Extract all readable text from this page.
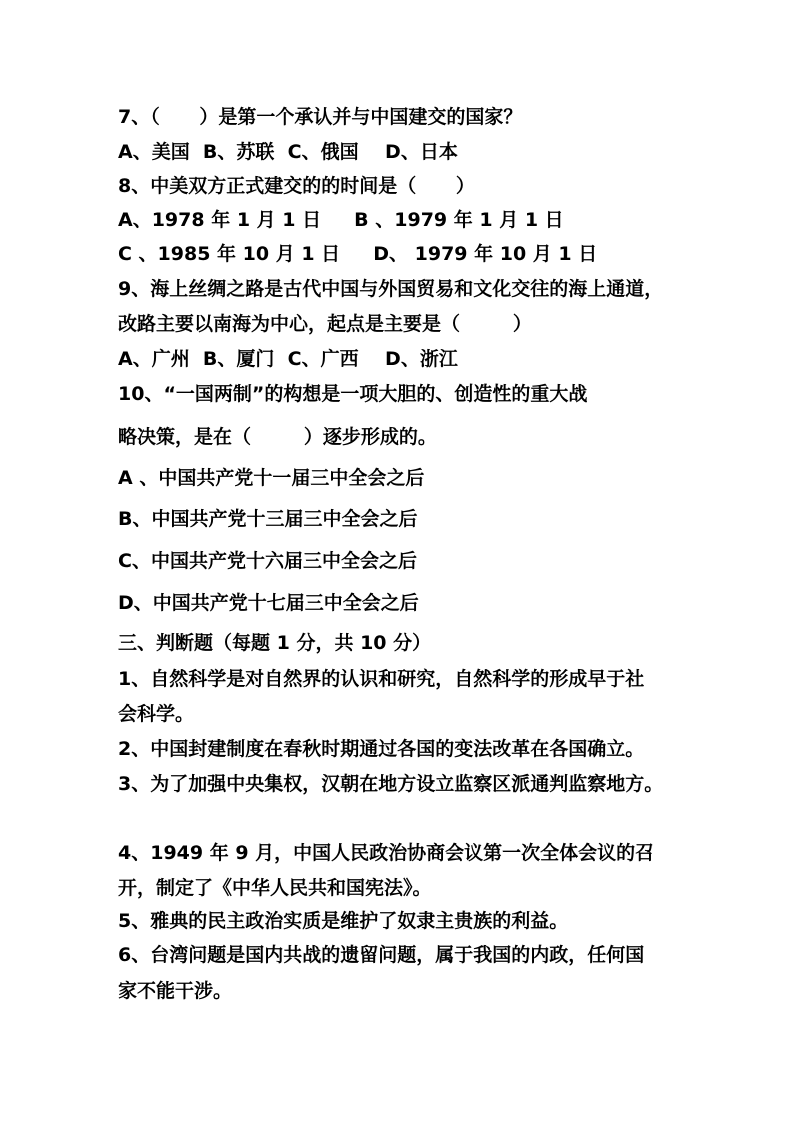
7、（      ）是第一个承认并与中国建交的国家？
A、美国  B、苏联  C、俄国    D、日本
8、中美双方正式建交的的时间是（      ）
A、1978 年 1 月 1 日     B 、1979 年 1 月 1 日
C 、1985 年 10 月 1 日     D、 1979 年 10 月 1 日
9、海上丝绸之路是古代中国与外国贸易和文化交往的海上通道，
改路主要以南海为中心，起点是主要是（        ）
A、广州  B、厦门  C、广西    D、浙江
10、“一国两制”的构想是一项大胆的、创造性的重大战
略决策，是在（        ）逐步形成的。
A 、中国共产党十一届三中全会之后
B、中国共产党十三届三中全会之后
C、中国共产党十六届三中全会之后
D、中国共产党十七届三中全会之后
三、判断题（每题 1 分，共 10 分）
1、自然科学是对自然界的认识和研究，自然科学的形成早于社
会科学。
2、中国封建制度在春秋时期通过各国的变法改革在各国确立。
3、为了加强中央集权，汉朝在地方设立监察区派通判监察地方。
4、1949 年 9 月，中国人民政治协商会议第一次全体会议的召
开，制定了《中华人民共和国宪法》。
5、雅典的民主政治实质是维护了奴隶主贵族的利益。
6、台湾问题是国内共战的遗留问题，属于我国的内政，任何国
家不能干涉。
